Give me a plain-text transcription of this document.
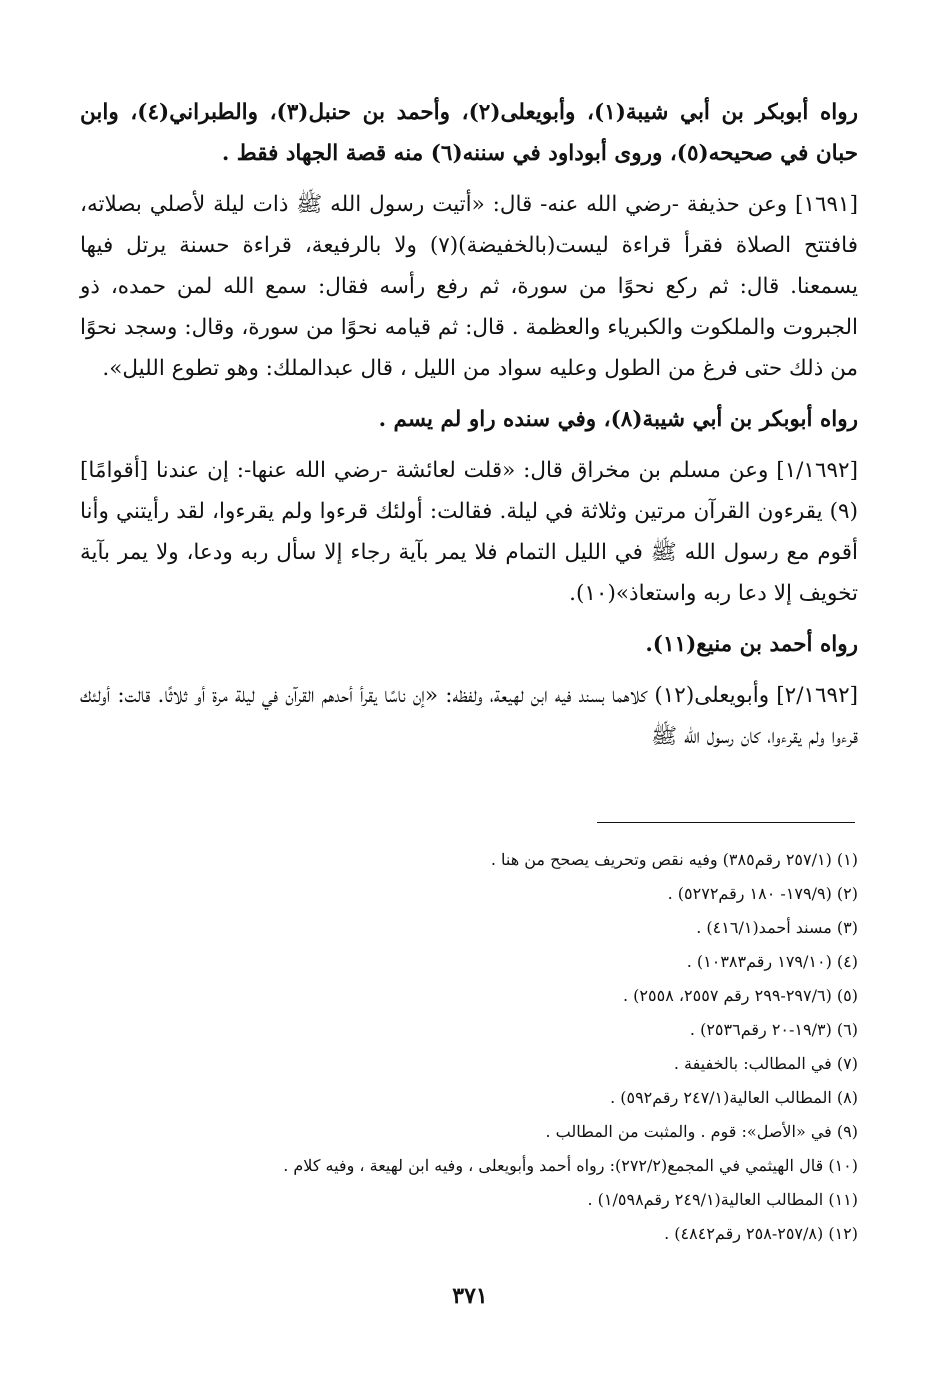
رواه أبوبكر بن أبي شيبة(١)، وأبويعلى(٢)، وأحمد بن حنبل(٣)، والطبراني(٤)، وابن حبان في صحيحه(٥)، وروى أبوداود في سننه(٦) منه قصة الجهاد فقط .

[١٦٩١] وعن حذيفة -رضي الله عنه- قال: «أتيت رسول الله ﷺ ذات ليلة لأصلي بصلاته، فافتتح الصلاة فقرأ قراءة ليست(بالخفيضة)(٧) ولا بالرفيعة، قراءة حسنة يرتل فيها يسمعنا. قال: ثم ركع نحوًا من سورة، ثم رفع رأسه فقال: سمع الله لمن حمده، ذو الجبروت والملكوت والكبرياء والعظمة . قال: ثم قيامه نحوًا من سورة، وقال: وسجد نحوًا من ذلك حتى فرغ من الطول وعليه سواد من الليل ، قال عبدالملك: وهو تطوع الليل».

رواه أبوبكر بن أبي شيبة(٨)، وفي سنده راو لم يسم .

[١/١٦٩٢] وعن مسلم بن مخراق قال: «قلت لعائشة -رضي الله عنها-: إن عندنا [أقوامًا](٩) يقرءون القرآن مرتين وثلاثة في ليلة. فقالت: أولئك قرءوا ولم يقرءوا، لقد رأيتني وأنا أقوم مع رسول الله ﷺ في الليل التمام فلا يمر بآية رجاء إلا سأل ربه ودعا، ولا يمر بآية تخويف إلا دعا ربه واستعاذ»(١٠).

رواه أحمد بن منيع(١١).

[٢/١٦٩٢] وأبويعلى(١٢) كلاهما بسند فيه ابن لهيعة، ولفظه: «إن ناسًا يقرأ أحدهم القرآن في ليلة مرة أو ثلاثًا. قالت: أولئك قرءوا ولم يقرءوا، كان رسول الله ﷺ

(١) (٢٥٧/١ رقم٣٨٥) وفيه نقص وتحريف يصحح من هنا .
(٢) (١٧٩/٩- ١٨٠ رقم٥٢٧٢) .
(٣) مسند أحمد(٤١٦/١) .
(٤) (١٧٩/١٠ رقم١٠٣٨٣) .
(٥) (٢٩٧/٦-٢٩٩ رقم ٢٥٥٧، ٢٥٥٨) .
(٦) (١٩/٣-٢٠ رقم٢٥٣٦) .
(٧) في المطالب: بالخفيفة .
(٨) المطالب العالية(٢٤٧/١ رقم٥٩٢) .
(٩) في «الأصل»: قوم . والمثبت من المطالب .
(١٠) قال الهيثمي في المجمع(٢٧٢/٢): رواه أحمد وأبويعلى ، وفيه ابن لهيعة ، وفيه كلام .
(١١) المطالب العالية(٢٤٩/١ رقم١/٥٩٨) .
(١٢) (٢٥٧/٨-٢٥٨ رقم٤٨٤٢) .
٣٧١
